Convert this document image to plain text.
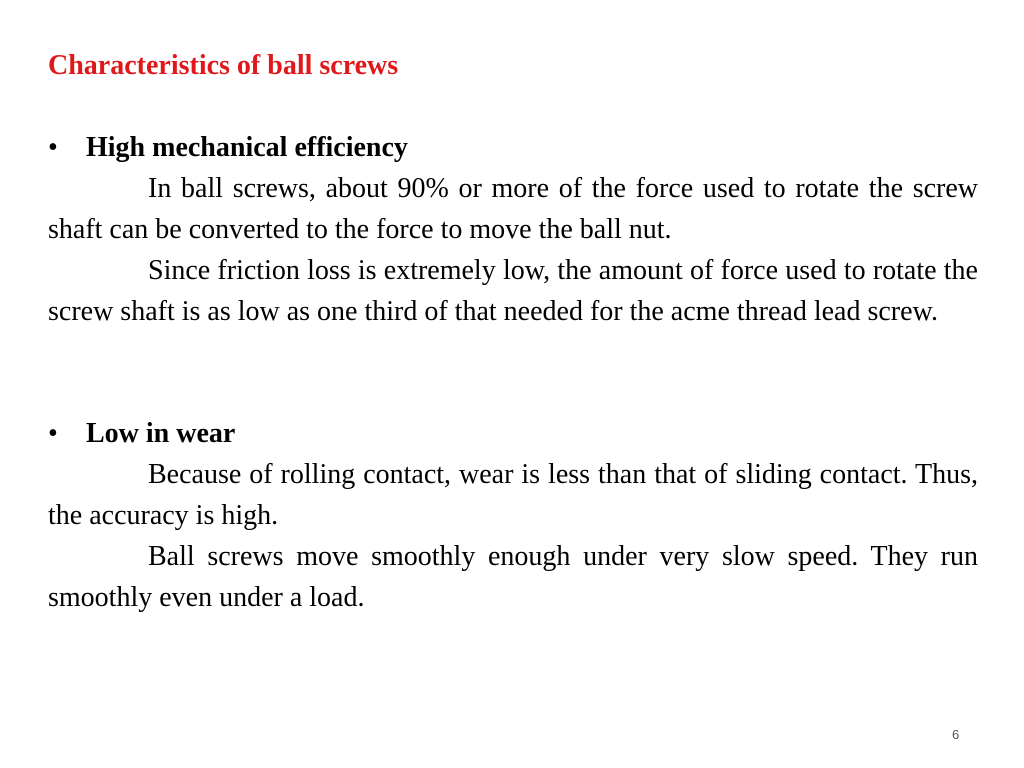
Characteristics of ball screws
•	High mechanical efficiency

In ball screws, about 90% or more of the force used to rotate the screw shaft can be converted to the force to move the ball nut.

Since friction loss is extremely low, the amount of force used to rotate the screw shaft is as low as one third of that needed for the acme thread lead screw.

•	Low in wear

Because of rolling contact, wear is less than that of sliding contact. Thus, the accuracy is high.

Ball screws move smoothly enough under very slow speed. They run smoothly even under a load.

6
